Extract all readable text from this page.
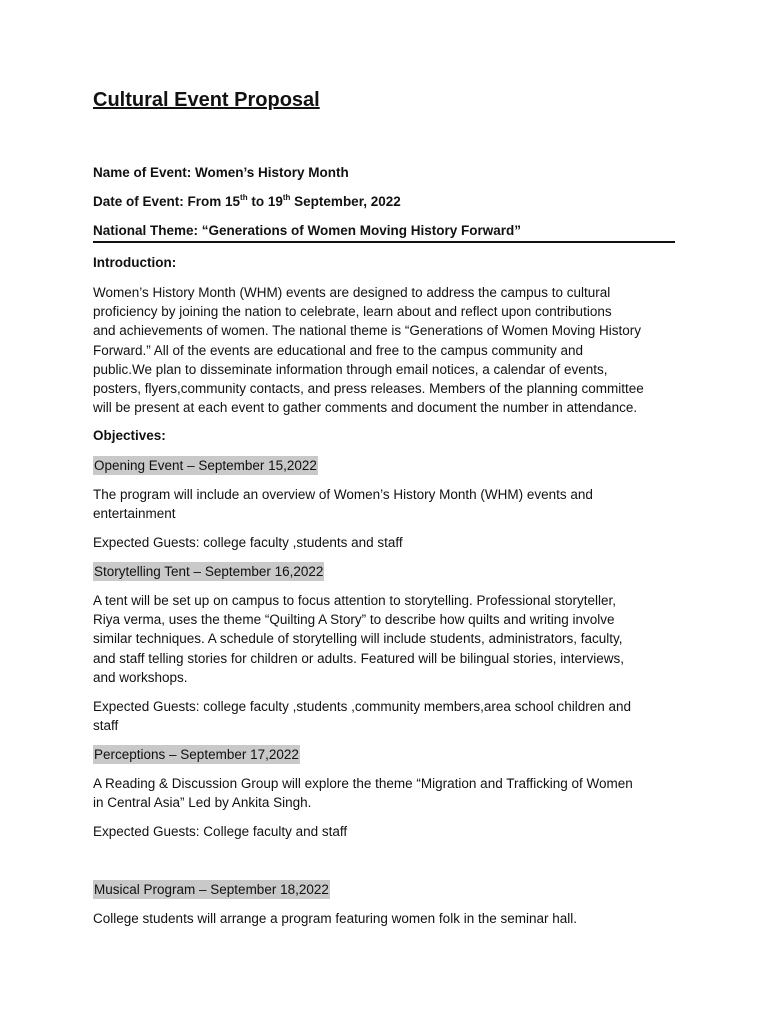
Cultural Event Proposal
Name of Event: Women’s History Month
Date of Event: From 15th to 19th September, 2022
National Theme: “Generations of Women Moving History Forward”
Introduction:

Women’s History Month (WHM) events are designed to address the campus to cultural
proficiency by joining the nation to celebrate, learn about and reflect upon contributions
and achievements of women. The national theme is “Generations of Women Moving History
Forward.” All of the events are educational and free to the campus community and
public.We plan to disseminate information through email notices, a calendar of events,
posters, flyers,community contacts, and press releases. Members of the planning committee
will be present at each event to gather comments and document the number in attendance.

Objectives:
Opening Event – September 15,2022

The program will include an overview of Women’s History Month (WHM) events and
entertainment

Expected Guests: college faculty ,students and staff

Storytelling Tent – September 16,2022

A tent will be set up on campus to focus attention to storytelling. Professional storyteller,
Riya verma, uses the theme “Quilting A Story” to describe how quilts and writing involve
similar techniques. A schedule of storytelling will include students, administrators, faculty,
and staff telling stories for children or adults. Featured will be bilingual stories, interviews,
and workshops.

Expected Guests: college faculty ,students ,community members,area school children and
staff

Perceptions – September 17,2022

A Reading & Discussion Group will explore the theme “Migration and Trafficking of Women
in Central Asia” Led by Ankita Singh.

Expected Guests: College faculty and staff

Musical Program – September 18,2022

College students will arrange a program featuring women folk in the seminar hall.
